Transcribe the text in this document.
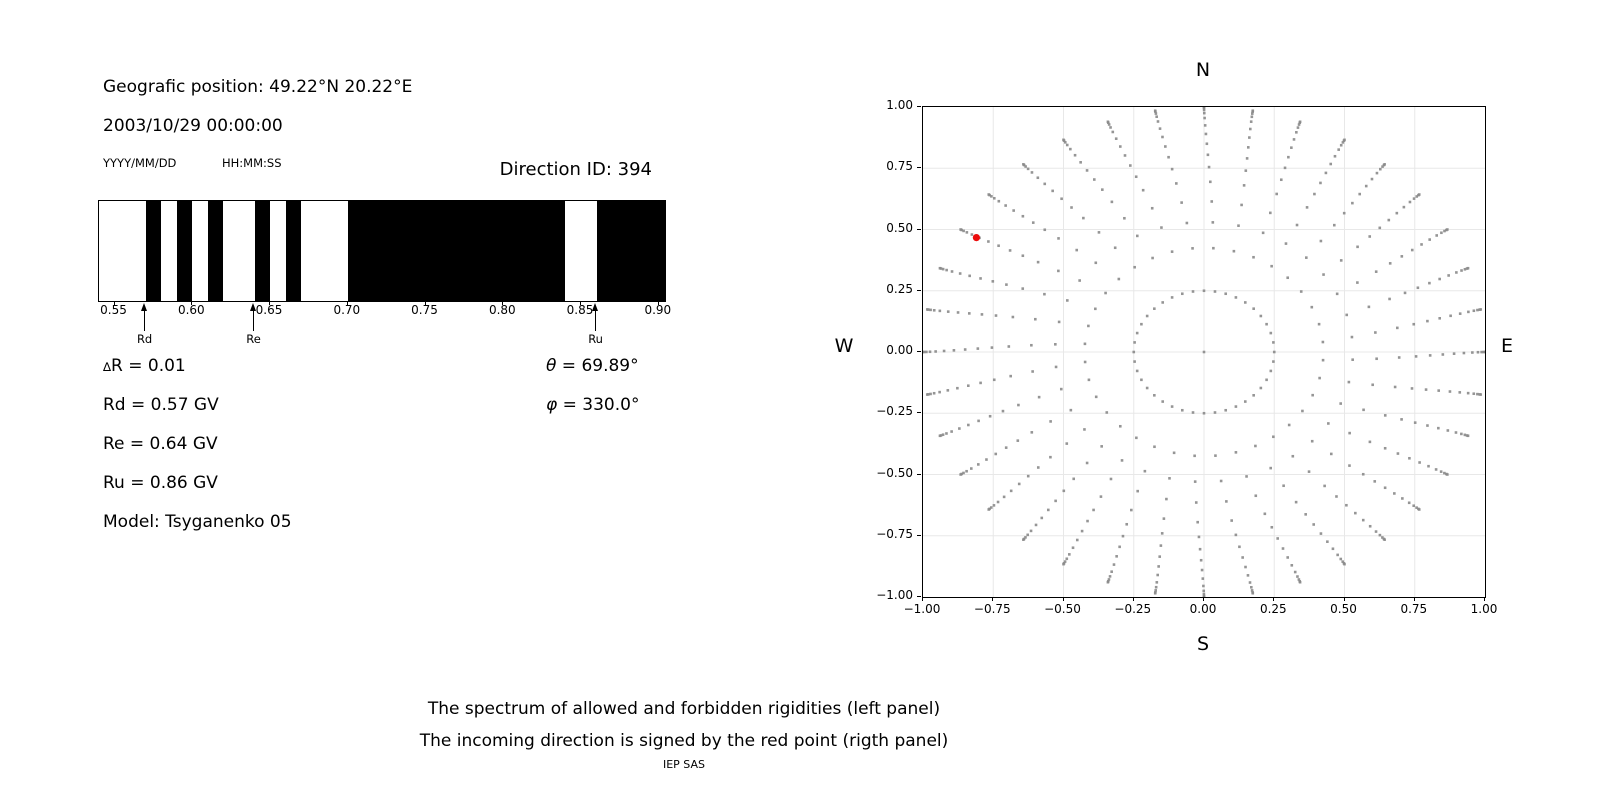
Geografic position: 49.22°N 20.22°E
2003/10/29 00:00:00
YYYY/MM/DD	HH:MM:SS	Direction ID: 394
∆R = 0.01
Rd = 0.57 GV
Re = 0.64 GV
Ru = 0.86 GV
Model: Tsyganenko 05
θ = 69.89°
φ = 330.0°
N
S
W	E
The spectrum of allowed and forbidden rigidities (left panel)
The incoming direction is signed by the red point (rigth panel)
IEP SAS
0.55	0.60	0.65	0.70	0.75	0.80	0.85	0.90
Rd	Re	Ru
−1.00	−0.75	−0.50	−0.25	0.00	0.25	0.50	0.75	1.00
1.00
0.75
0.50
0.25
0.00
−0.25
−0.50
−0.75
−1.00
